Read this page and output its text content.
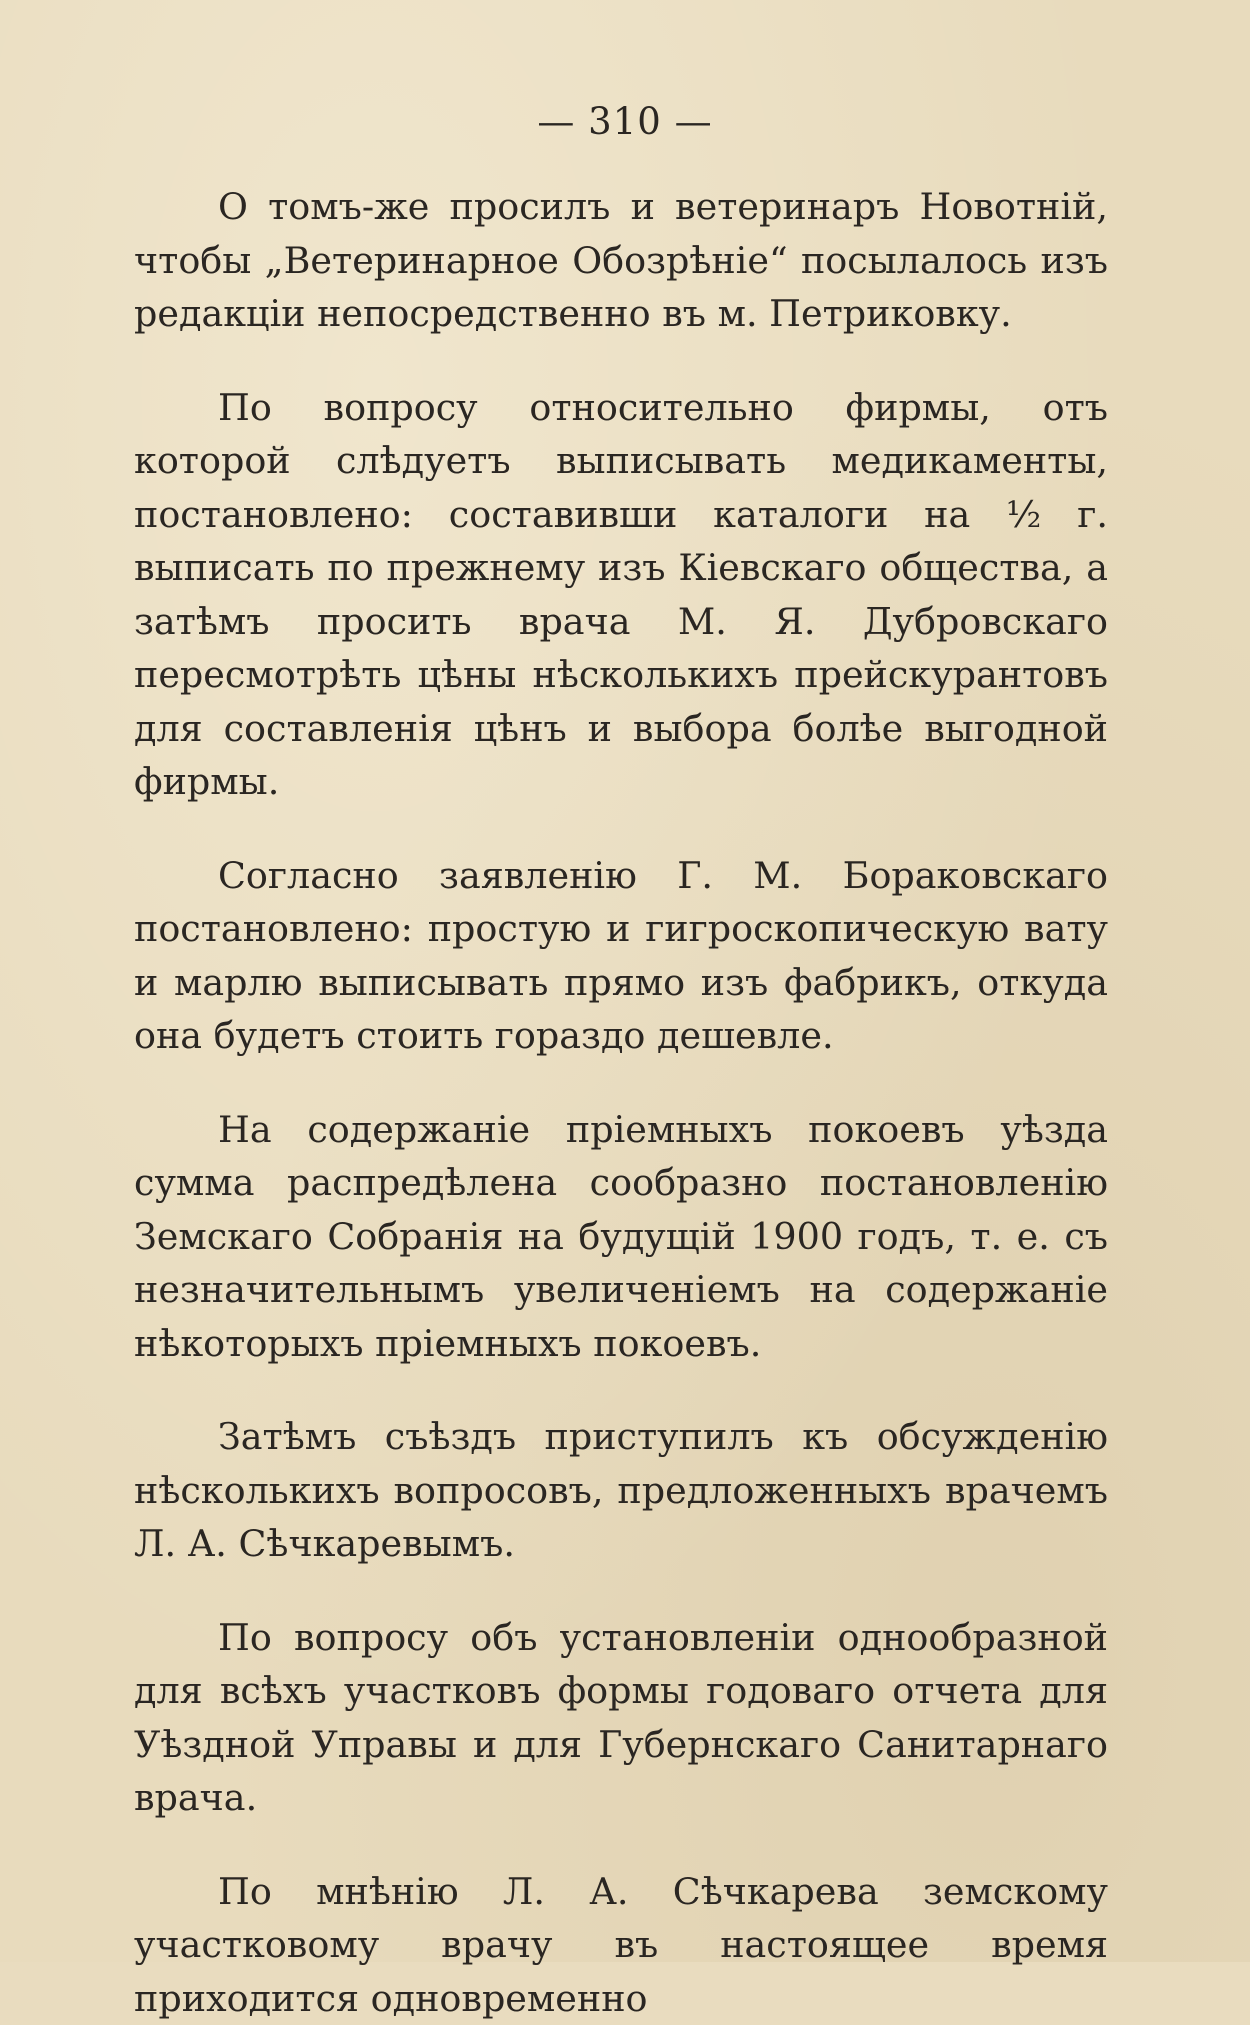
— 310 —

О томъ-же просилъ и ветеринаръ Новотній, чтобы „Ветеринарное Обозрѣніе“ посылалось изъ редакціи непосредственно въ м. Петриковку.

По вопросу относительно фирмы, отъ которой слѣдуетъ выписывать медикаменты, постановлено: составивши каталоги на ½ г. выписать по прежнему изъ Кіевскаго общества, а затѣмъ просить врача М. Я. Дубровскаго пересмотрѣть цѣны нѣсколькихъ прейскурантовъ для составленія цѣнъ и выбора болѣе выгодной фирмы.

Согласно заявленію Г. М. Бораковскаго постановлено: простую и гигроскопическую вату и марлю выписывать прямо изъ фабрикъ, откуда она будетъ стоить гораздо дешевле.

На содержаніе пріемныхъ покоевъ уѣзда сумма распредѣлена сообразно постановленію Земскаго Собранія на будущій 1900 годъ, т. е. съ незначительнымъ увеличеніемъ на содержаніе нѣкоторыхъ пріемныхъ покоевъ.

Затѣмъ съѣздъ приступилъ къ обсужденію нѣсколькихъ вопросовъ, предложенныхъ врачемъ Л. А. Сѣчкаревымъ.

По вопросу объ установленіи однообразной для всѣхъ участковъ формы годоваго отчета для Уѣздной Управы и для Губернскаго Санитарнаго врача.

По мнѣнію Л. А. Сѣчкарева земскому участковому врачу въ настоящее время приходится одновременно
